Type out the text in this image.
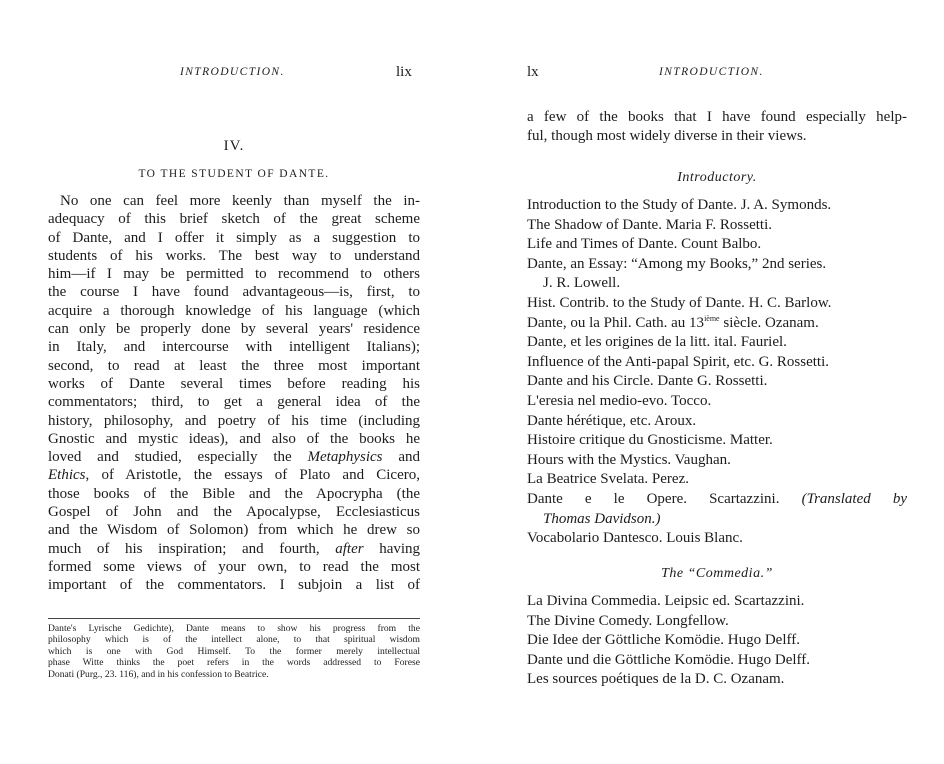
INTRODUCTION.	lix
IV.
TO THE STUDENT OF DANTE.
No one can feel more keenly than myself the in-
adequacy of this brief sketch of the great scheme
of Dante, and I offer it simply as a suggestion to
students of his works. The best way to understand
him—if I may be permitted to recommend to others
the course I have found advantageous—is, first, to
acquire a thorough knowledge of his language (which
can only be properly done by several years' residence
in Italy, and intercourse with intelligent Italians);
second, to read at least the three most important
works of Dante several times before reading his
commentators; third, to get a general idea of the
history, philosophy, and poetry of his time (including
Gnostic and mystic ideas), and also of the books he
loved and studied, especially the Metaphysics and
Ethics, of Aristotle, the essays of Plato and Cicero,
those books of the Bible and the Apocrypha (the
Gospel of John and the Apocalypse, Ecclesiasticus
and the Wisdom of Solomon) from which he drew so
much of his inspiration; and fourth, after having
formed some views of your own, to read the most
important of the commentators. I subjoin a list of
Dante's Lyrische Gedichte), Dante means to show his progress from the
philosophy which is of the intellect alone, to that spiritual wisdom
which is one with God Himself. To the former merely intellectual
phase Witte thinks the poet refers in the words addressed to Forese
Donati (Purg., 23. 116), and in his confession to Beatrice.
lx	INTRODUCTION.
a few of the books that I have found especially help-
ful, though most widely diverse in their views.
Introductory.
Introduction to the Study of Dante. J. A. Symonds.
The Shadow of Dante. Maria F. Rossetti.
Life and Times of Dante. Count Balbo.
Dante, an Essay: “Among my Books,” 2nd series.
J. R. Lowell.
Hist. Contrib. to the Study of Dante. H. C. Barlow.
Dante, ou la Phil. Cath. au 13ième siècle. Ozanam.
Dante, et les origines de la litt. ital. Fauriel.
Influence of the Anti-papal Spirit, etc. G. Rossetti.
Dante and his Circle. Dante G. Rossetti.
L'eresia nel medio-evo. Tocco.
Dante hérétique, etc. Aroux.
Histoire critique du Gnosticisme. Matter.
Hours with the Mystics. Vaughan.
La Beatrice Svelata. Perez.
Dante e le Opere. Scartazzini. (Translated by
Thomas Davidson.)
Vocabolario Dantesco. Louis Blanc.
The “Commedia.”
La Divina Commedia. Leipsic ed. Scartazzini.
The Divine Comedy. Longfellow.
Die Idee der Göttliche Komödie. Hugo Delff.
Dante und die Göttliche Komödie. Hugo Delff.
Les sources poétiques de la D. C. Ozanam.
